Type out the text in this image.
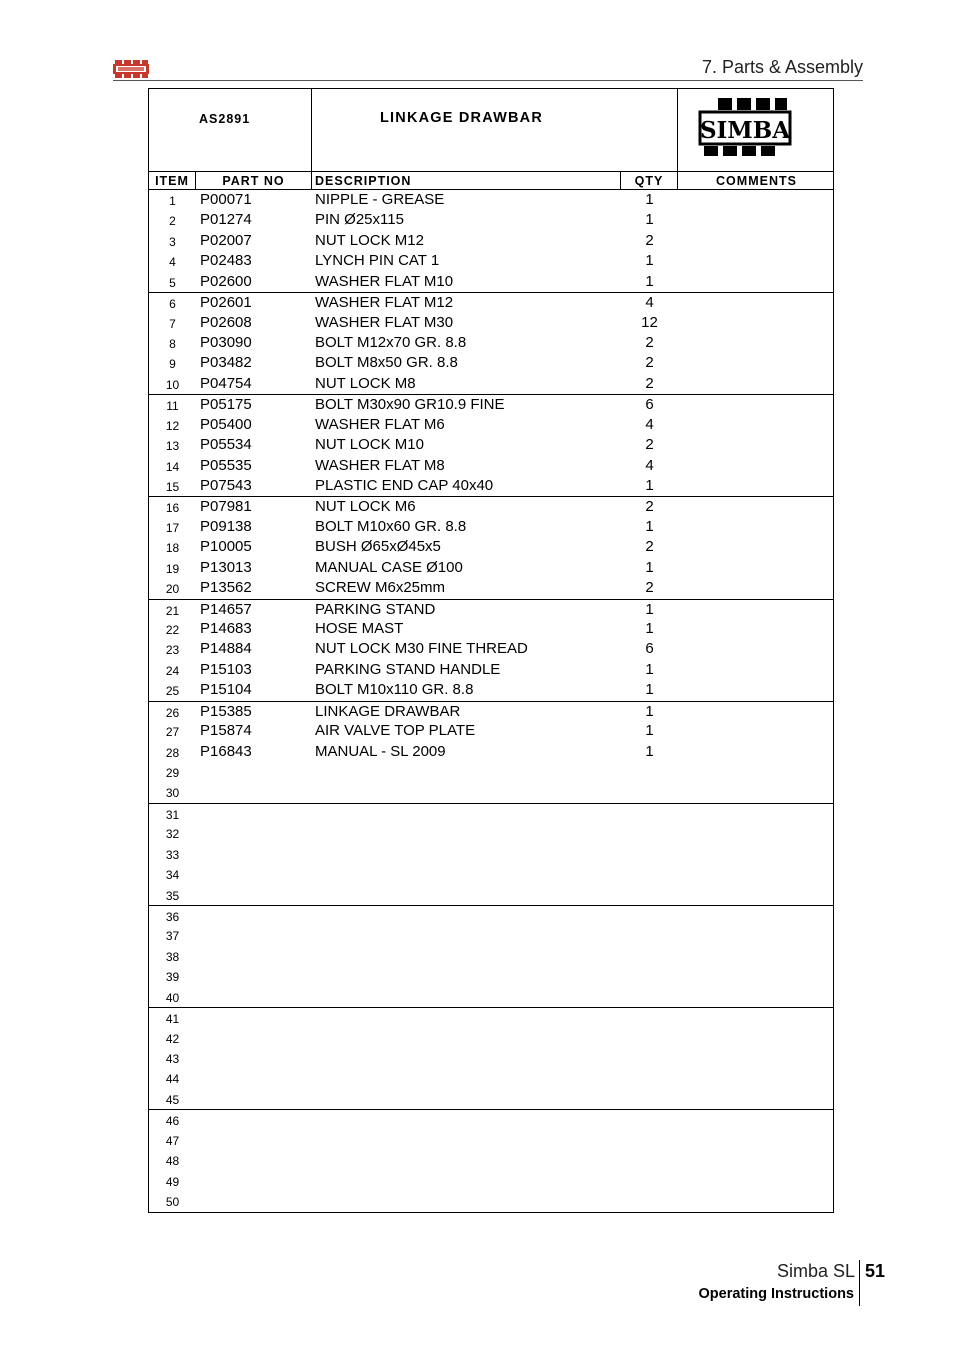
7. Parts & Assembly
AS2891	LINKAGE DRAWBAR	SIMBA
ITEM	PART NO	DESCRIPTION	QTY	COMMENTS
1	P00071	NIPPLE - GREASE	1
2	P01274	PIN Ø25x115	1
3	P02007	NUT LOCK M12	2
4	P02483	LYNCH PIN CAT 1	1
5	P02600	WASHER FLAT M10	1
6	P02601	WASHER FLAT M12	4
7	P02608	WASHER FLAT M30	12
8	P03090	BOLT M12x70 GR. 8.8	2
9	P03482	BOLT M8x50 GR. 8.8	2
10	P04754	NUT LOCK M8	2
11	P05175	BOLT M30x90 GR10.9 FINE	6
12	P05400	WASHER FLAT M6	4
13	P05534	NUT LOCK M10	2
14	P05535	WASHER FLAT M8	4
15	P07543	PLASTIC END CAP 40x40	1
16	P07981	NUT LOCK M6	2
17	P09138	BOLT M10x60 GR. 8.8	1
18	P10005	BUSH Ø65xØ45x5	2
19	P13013	MANUAL CASE Ø100	1
20	P13562	SCREW M6x25mm	2
21	P14657	PARKING STAND	1
22	P14683	HOSE MAST	1
23	P14884	NUT LOCK M30 FINE THREAD	6
24	P15103	PARKING STAND HANDLE	1
25	P15104	BOLT M10x110 GR. 8.8	1
26	P15385	LINKAGE DRAWBAR	1
27	P15874	AIR VALVE TOP PLATE	1
28	P16843	MANUAL - SL 2009	1
29
30
31
32
33
34
35
36
37
38
39
40
41
42
43
44
45
46
47
48
49
50
Simba SL 51
Operating Instructions
